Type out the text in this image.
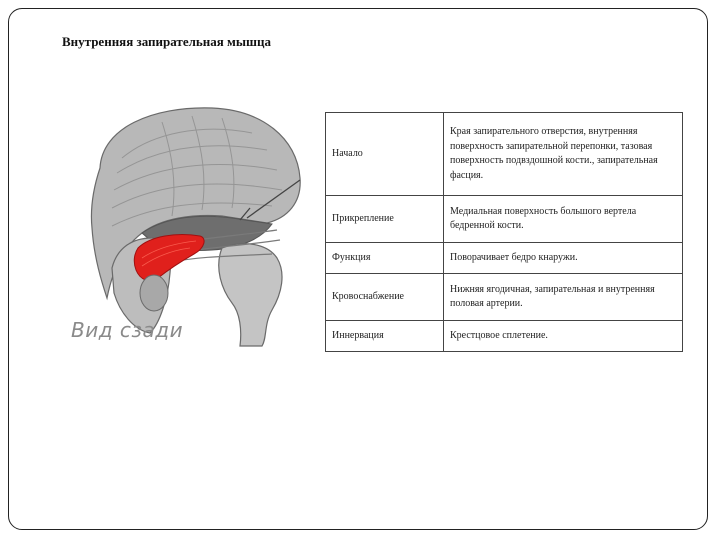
Внутренняя запирательная мышца
Вид сзади
Начало	Края запирательного отверстия, внутренняя поверхность запирательной перепонки, тазовая поверхность подвздошной кости., запирательная фасция.
Прикрепление	Медиальная поверхность большого вертела бедренной кости.
Функция	Поворачивает бедро кнаружи.
Кровоснабжение	Нижняя ягодичная, запирательная и внутренняя половая артерии.
Иннервация	Крестцовое сплетение.
